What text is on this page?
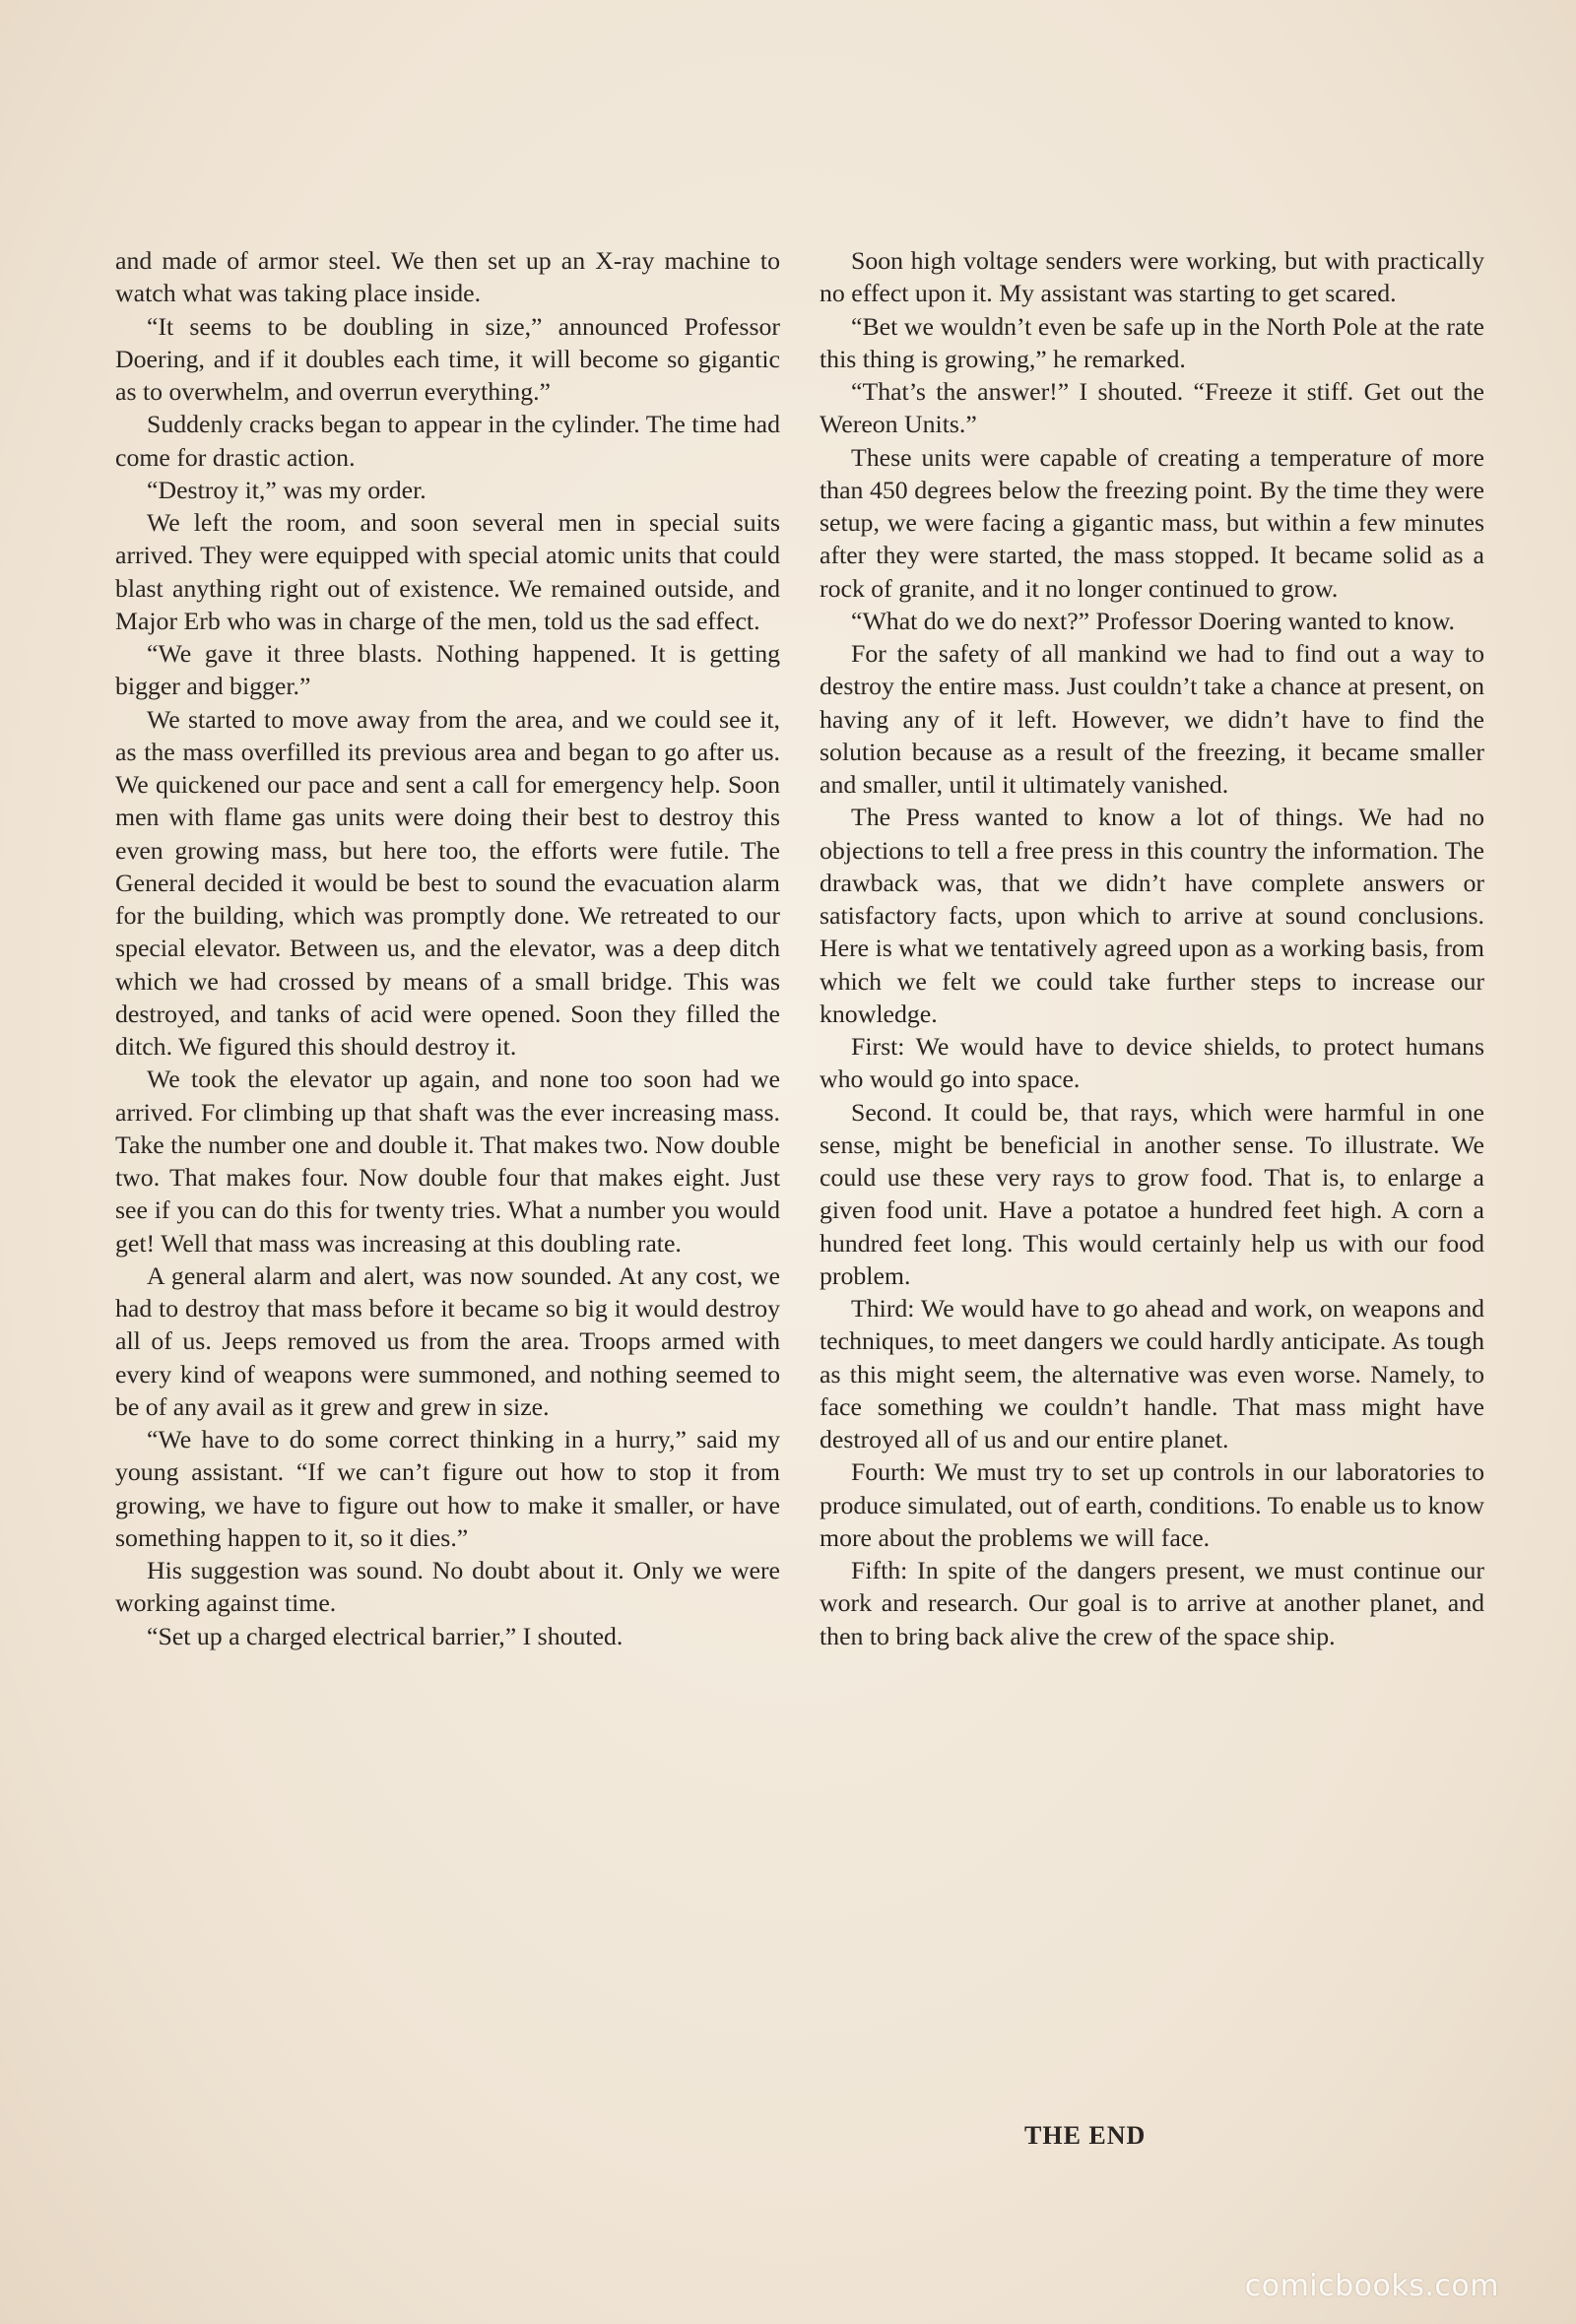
and made of armor steel. We then set up an X-ray machine to watch what was taking place inside.

“It seems to be doubling in size,” announced Professor Doering, and if it doubles each time, it will become so gigantic as to overwhelm, and overrun everything.”

Suddenly cracks began to appear in the cylinder. The time had come for drastic action.

“Destroy it,” was my order.

We left the room, and soon several men in special suits arrived. They were equipped with special atomic units that could blast anything right out of existence. We remained outside, and Major Erb who was in charge of the men, told us the sad effect.

“We gave it three blasts. Nothing happened. It is getting bigger and bigger.”

We started to move away from the area, and we could see it, as the mass overfilled its previous area and began to go after us. We quickened our pace and sent a call for emergency help. Soon men with flame gas units were doing their best to destroy this even growing mass, but here too, the efforts were futile. The General decided it would be best to sound the evacuation alarm for the building, which was promptly done. We retreated to our special elevator. Between us, and the elevator, was a deep ditch which we had crossed by means of a small bridge. This was destroyed, and tanks of acid were opened. Soon they filled the ditch. We figured this should destroy it.

We took the elevator up again, and none too soon had we arrived. For climbing up that shaft was the ever increasing mass. Take the number one and double it. That makes two. Now double two. That makes four. Now double four that makes eight. Just see if you can do this for twenty tries. What a number you would get! Well that mass was increasing at this doubling rate.

A general alarm and alert, was now sounded. At any cost, we had to destroy that mass before it became so big it would destroy all of us. Jeeps removed us from the area. Troops armed with every kind of weapons were summoned, and nothing seemed to be of any avail as it grew and grew in size.

“We have to do some correct thinking in a hurry,” said my young assistant. “If we can’t figure out how to stop it from growing, we have to figure out how to make it smaller, or have something happen to it, so it dies.”

His suggestion was sound. No doubt about it. Only we were working against time.

“Set up a charged electrical barrier,” I shouted.

Soon high voltage senders were working, but with practically no effect upon it. My assistant was starting to get scared.

“Bet we wouldn’t even be safe up in the North Pole at the rate this thing is growing,” he remarked.

“That’s the answer!” I shouted. “Freeze it stiff. Get out the Wereon Units.”

These units were capable of creating a temperature of more than 450 degrees below the freezing point. By the time they were setup, we were facing a gigantic mass, but within a few minutes after they were started, the mass stopped. It became solid as a rock of granite, and it no longer continued to grow.

“What do we do next?” Professor Doering wanted to know.

For the safety of all mankind we had to find out a way to destroy the entire mass. Just couldn’t take a chance at present, on having any of it left. However, we didn’t have to find the solution because as a result of the freezing, it became smaller and smaller, until it ultimately vanished.

The Press wanted to know a lot of things. We had no objections to tell a free press in this country the information. The drawback was, that we didn’t have complete answers or satisfactory facts, upon which to arrive at sound conclusions. Here is what we tentatively agreed upon as a working basis, from which we felt we could take further steps to increase our knowledge.

First: We would have to device shields, to protect humans who would go into space.

Second. It could be, that rays, which were harmful in one sense, might be beneficial in another sense. To illustrate. We could use these very rays to grow food. That is, to enlarge a given food unit. Have a potatoe a hundred feet high. A corn a hundred feet long. This would certainly help us with our food problem.

Third: We would have to go ahead and work, on weapons and techniques, to meet dangers we could hardly anticipate. As tough as this might seem, the alternative was even worse. Namely, to face something we couldn’t handle. That mass might have destroyed all of us and our entire planet.

Fourth: We must try to set up controls in our laboratories to produce simulated, out of earth, conditions. To enable us to know more about the problems we will face.

Fifth: In spite of the dangers present, we must continue our work and research. Our goal is to arrive at another planet, and then to bring back alive the crew of the space ship.

THE END
comicbooks.com
